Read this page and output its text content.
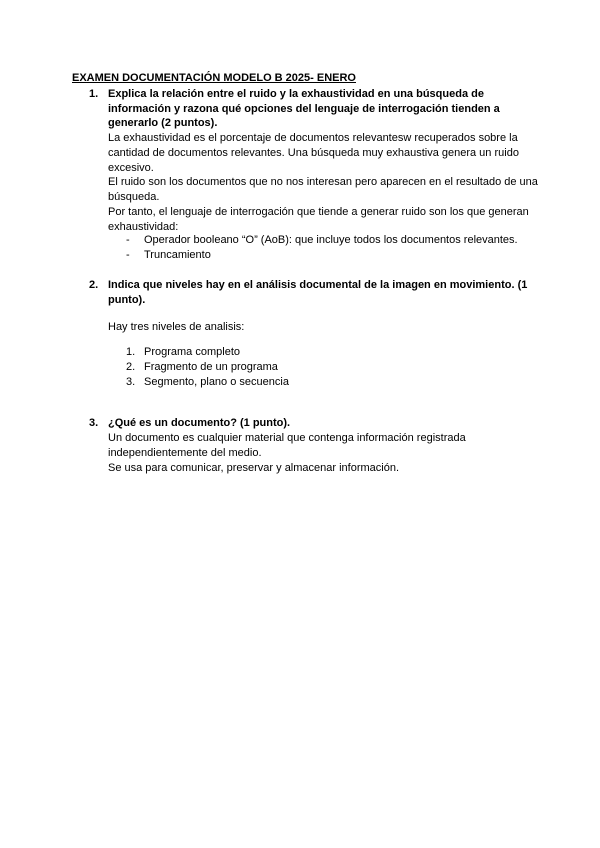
EXAMEN DOCUMENTACIÓN MODELO B 2025- ENERO
1. Explica la relación entre el ruido y la exhaustividad en una búsqueda de información y razona qué opciones del lenguaje de interrogación tienden a generarlo (2 puntos).

La exhaustividad es el porcentaje de documentos relevantesw recuperados sobre la cantidad de documentos relevantes. Una búsqueda muy exhaustiva genera un ruido excesivo.

El ruido son los documentos que no nos interesan pero aparecen en el resultado de una búsqueda.

Por tanto, el lenguaje de interrogación que tiende a generar ruido son los que generan exhaustividad:

- Operador booleano “O” (AoB): que incluye todos los documentos relevantes.
- Truncamiento
2. Indica que niveles hay en el análisis documental de la imagen en movimiento. (1 punto).
Hay tres niveles de analisis:
1. Programa completo
2. Fragmento de un programa
3. Segmento, plano o secuencia
3. ¿Qué es un documento? (1 punto).

Un documento es cualquier material que contenga información registrada independientemente del medio.

Se usa para comunicar, preservar y almacenar información.
